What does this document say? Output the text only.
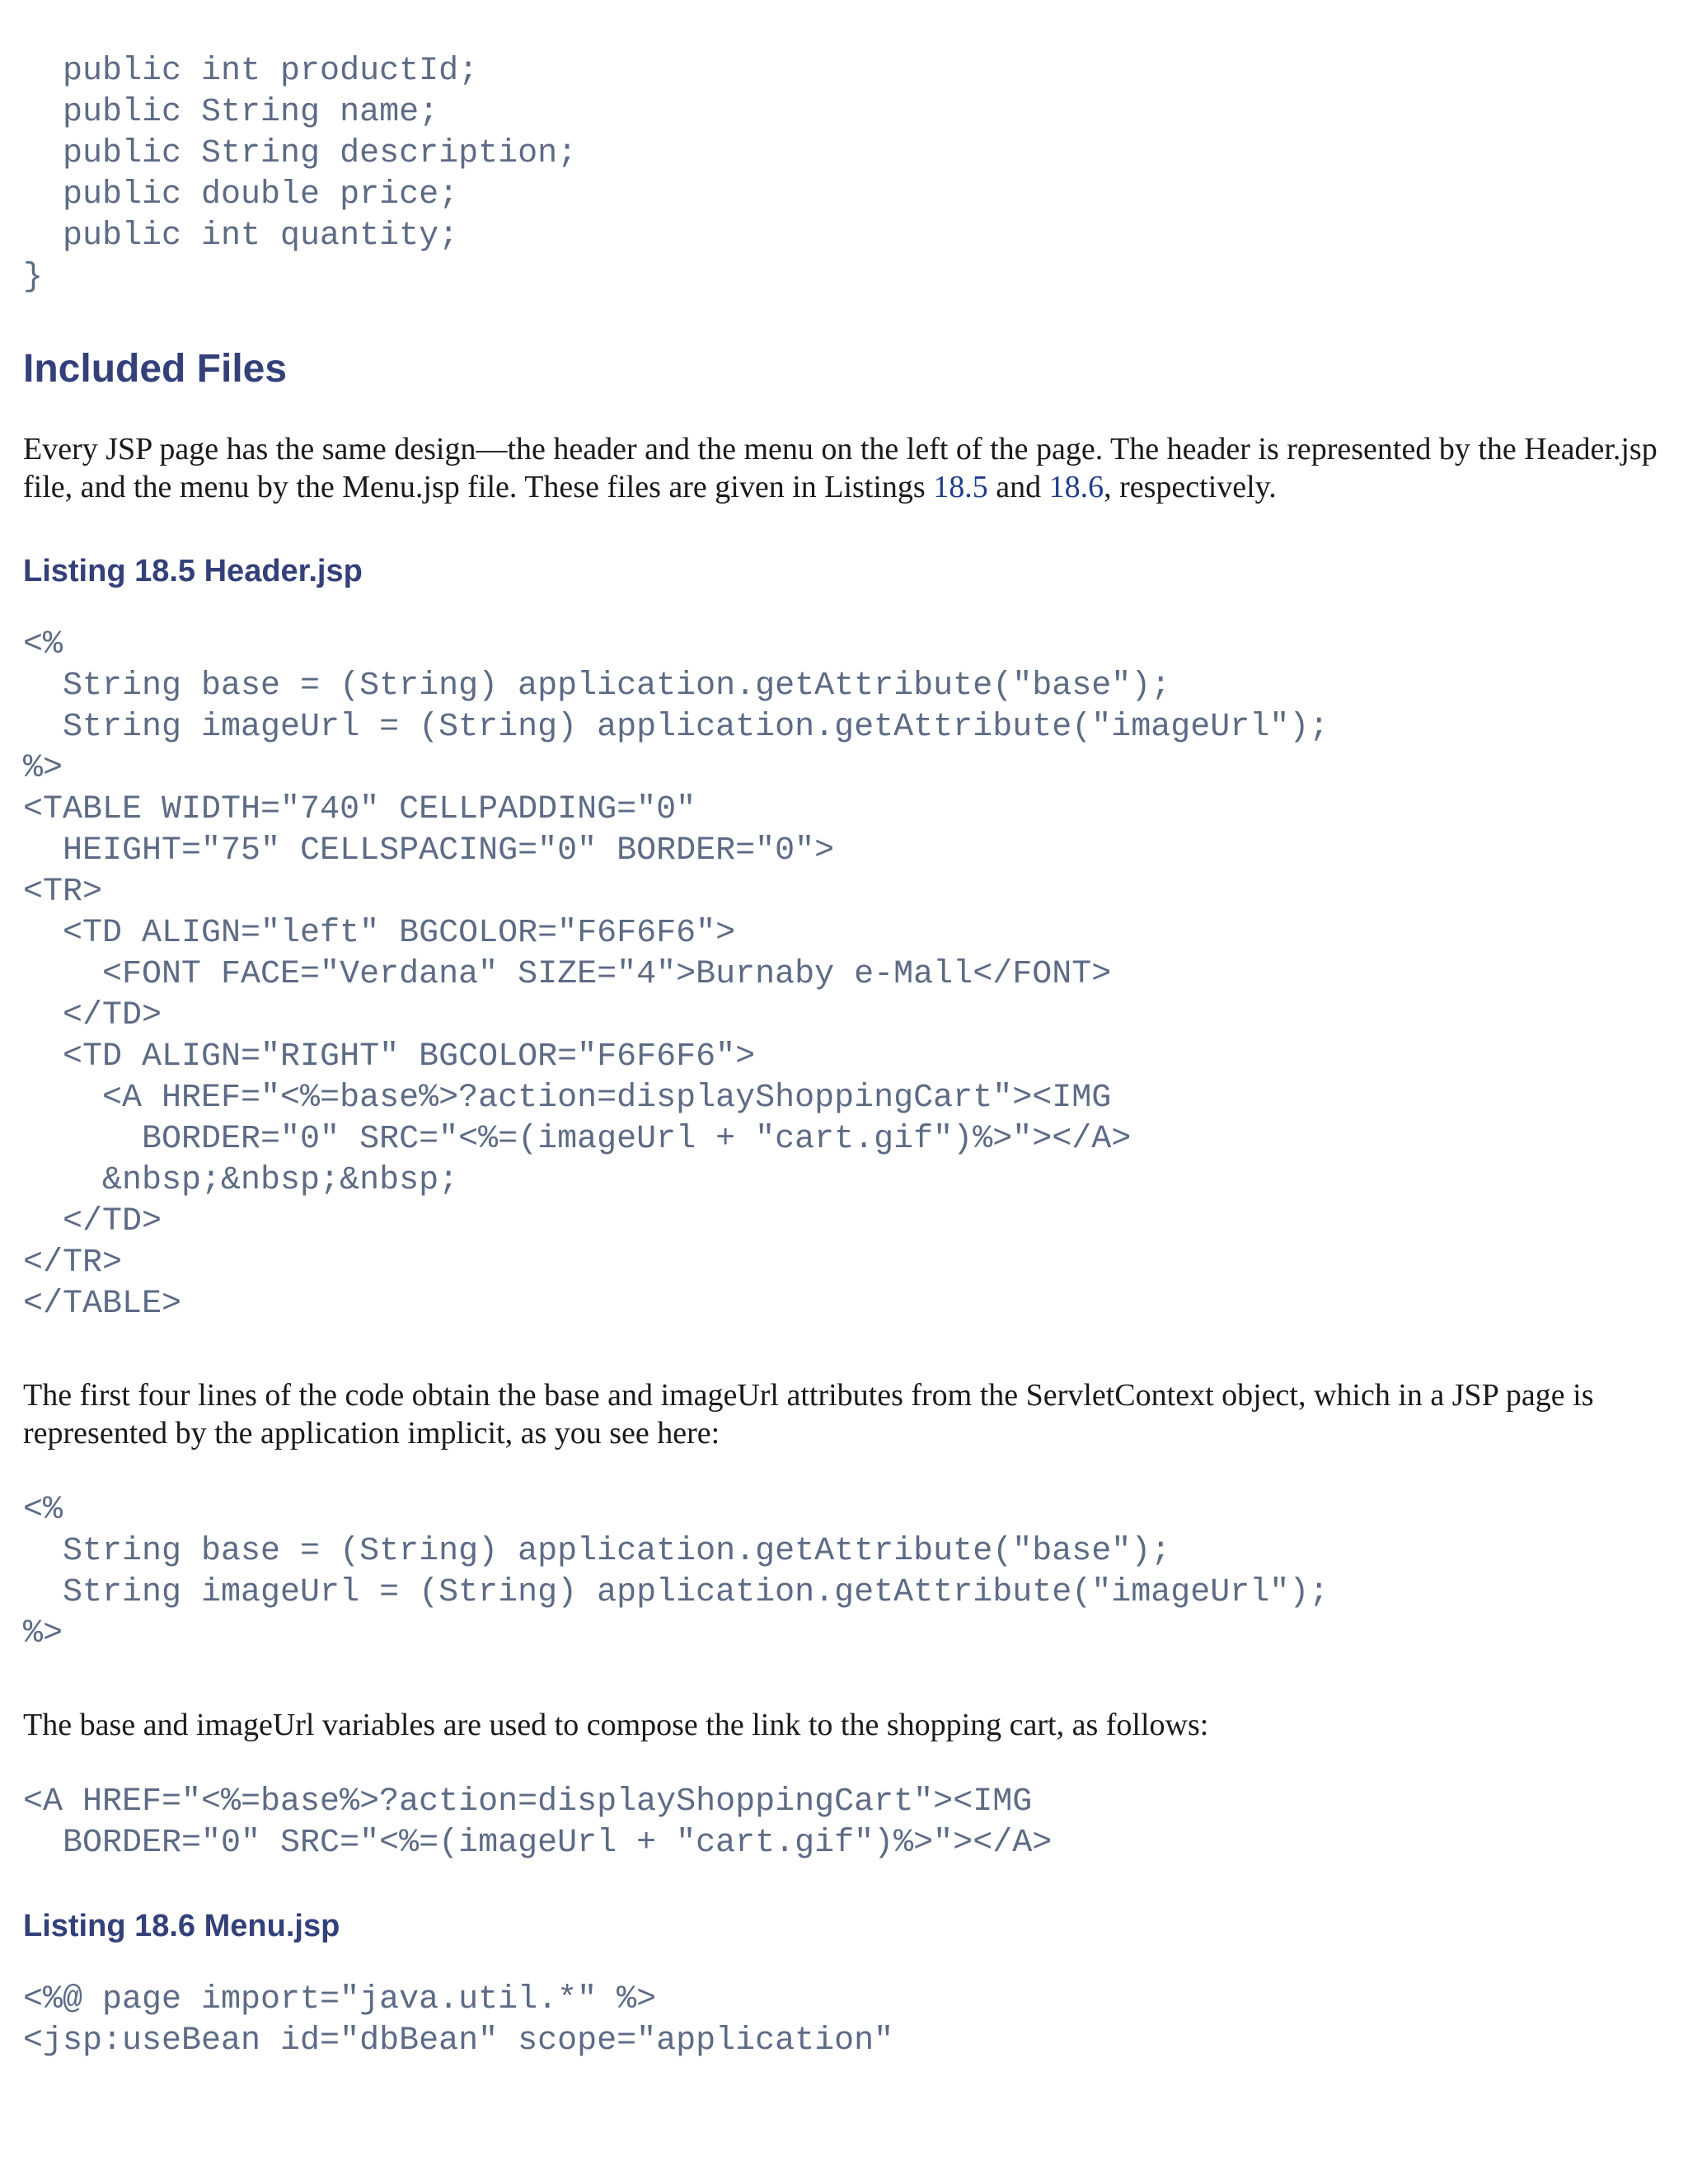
public int productId;
public String name;
public String description;
public double price;
public int quantity;
}
Included Files

Every JSP page has the same design—the header and the menu on the left of the page. The header is represented by the Header.jsp file, and the menu by the Menu.jsp file. These files are given in Listings 18.5 and 18.6, respectively.

Listing 18.5 Header.jsp
<%
String base = (String) application.getAttribute("base");
String imageUrl = (String) application.getAttribute("imageUrl");
%>
<TABLE WIDTH="740" CELLPADDING="0"
HEIGHT="75" CELLSPACING="0" BORDER="0">
<TR>
<TD ALIGN="left" BGCOLOR="F6F6F6">
<FONT FACE="Verdana" SIZE="4">Burnaby e-Mall</FONT>
</TD>
<TD ALIGN="RIGHT" BGCOLOR="F6F6F6">
<A HREF="<%=base%>?action=displayShoppingCart"><IMG
BORDER="0" SRC="<%=(imageUrl + "cart.gif")%>"></A>
&nbsp;&nbsp;&nbsp;
</TD>
</TR>
</TABLE>

The first four lines of the code obtain the base and imageUrl attributes from the ServletContext object, which in a JSP page is represented by the application implicit, as you see here:

<%
String base = (String) application.getAttribute("base");
String imageUrl = (String) application.getAttribute("imageUrl");
%>

The base and imageUrl variables are used to compose the link to the shopping cart, as follows:

<A HREF="<%=base%>?action=displayShoppingCart"><IMG
BORDER="0" SRC="<%=(imageUrl + "cart.gif")%>"></A>
Listing 18.6 Menu.jsp
<%@ page import="java.util.*" %>
<jsp:useBean id="dbBean" scope="application"
